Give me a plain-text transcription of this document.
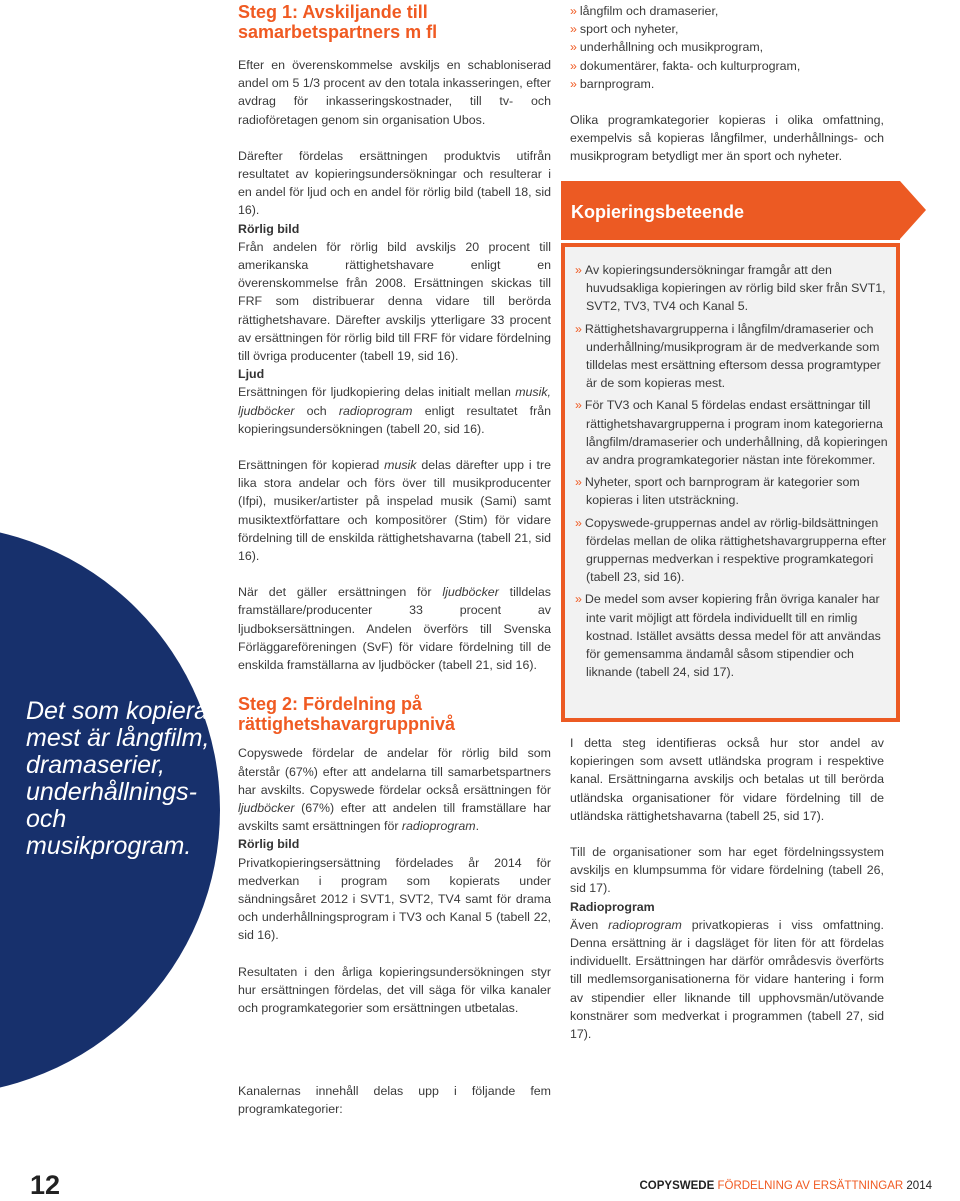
Det som kopieras mest är långfilm, dramaserier, underhållnings- och musikprogram.
Steg 1: Avskiljande till samarbetspartners m fl

Efter en överenskommelse avskiljs en schabloniserad andel om 5 1/3 procent av den totala inkasseringen, efter avdrag för inkasseringskostnader, till tv- och radioföretagen genom sin organisation Ubos.

Därefter fördelas ersättningen produktvis utifrån resultatet av kopieringsundersökningar och resulterar i en andel för ljud och en andel för rörlig bild (tabell 18, sid 16).

Rörlig bild

Från andelen för rörlig bild avskiljs 20 procent till amerikanska rättighetshavare enligt en överenskommelse från 2008. Ersättningen skickas till FRF som distribuerar denna vidare till berörda rättighetshavare. Därefter avskiljs ytterligare 33 procent av ersättningen för rörlig bild till FRF för vidare fördelning till övriga producenter (tabell 19, sid 16).

Ljud

Ersättningen för ljudkopiering delas initialt mellan musik, ljudböcker och radioprogram enligt resultatet från kopieringsundersökningen (tabell 20, sid 16).

Ersättningen för kopierad musik delas därefter upp i tre lika stora andelar och förs över till musikproducenter (Ifpi), musiker/artister på inspelad musik (Sami) samt musiktextförfattare och kompositörer (Stim) för vidare fördelning till de enskilda rättighetshavarna (tabell 21, sid 16).

När det gäller ersättningen för ljudböcker tilldelas framställare/producenter 33 procent av ljudboksersättningen. Andelen överförs till Svenska Förläggareföreningen (SvF) för vidare fördelning till de enskilda framställarna av ljudböcker (tabell 21, sid 16).

Steg 2: Fördelning på rättighetshavargruppnivå

Copyswede fördelar de andelar för rörlig bild som återstår (67%) efter att andelarna till samarbetspartners har avskilts. Copyswede fördelar också ersättningen för ljudböcker (67%) efter att andelen till framställare har avskilts samt ersättningen för radioprogram.

Rörlig bild

Privatkopieringsersättning fördelades år 2014 för medverkan i program som kopierats under sändningsåret 2012 i SVT1, SVT2, TV4 samt för drama och underhållningsprogram i TV3 och Kanal 5 (tabell 22, sid 16).

Resultaten i den årliga kopieringsundersökningen styr hur ersättningen fördelas, det vill säga för vilka kanaler och programkategorier som ersättningen utbetalas.

Kanalernas innehåll delas upp i följande fem programkategorier:

» långfilm och dramaserier,
» sport och nyheter,
» underhållning och musikprogram,
» dokumentärer, fakta- och kulturprogram,
» barnprogram.

Olika programkategorier kopieras i olika omfattning, exempelvis så kopieras långfilmer, underhållnings- och musikprogram betydligt mer än sport och nyheter.

Kopieringsbeteende
» Av kopieringsundersökningar framgår att den huvudsakliga kopieringen av rörlig bild sker från SVT1, SVT2, TV3, TV4 och Kanal 5.
» Rättighetshavargrupperna i långfilm/dramaserier och underhållning/musikprogram är de medverkande som tilldelas mest ersättning eftersom dessa programtyper är de som kopieras mest.
» För TV3 och Kanal 5 fördelas endast ersättningar till rättighetshavargrupperna i program inom kategorierna långfilm/dramaserier och underhållning, då kopieringen av andra programkategorier nästan inte förekommer.
» Nyheter, sport och barnprogram är kategorier som kopieras i liten utsträckning.
» Copyswede-gruppernas andel av rörlig-bildsättningen fördelas mellan de olika rättighetshavargrupperna efter gruppernas medverkan i respektive programkategori (tabell 23, sid 16).
» De medel som avser kopiering från övriga kanaler har inte varit möjligt att fördela individuellt till en rimlig kostnad. Istället avsätts dessa medel för att användas för gemensamma ändamål såsom stipendier och liknande (tabell 24, sid 17).

I detta steg identifieras också hur stor andel av kopieringen som avsett utländska program i respektive kanal. Ersättningarna avskiljs och betalas ut till berörda utländska organisationer för vidare fördelning till de utländska rättighetshavarna (tabell 25, sid 17).

Till de organisationer som har eget fördelningssystem avskiljs en klumpsumma för vidare fördelning (tabell 26, sid 17).

Radioprogram

Även radioprogram privatkopieras i viss omfattning. Denna ersättning är i dagsläget för liten för att fördelas individuellt. Ersättningen har därför områdesvis överförts till medlemsorganisationerna för vidare hantering i form av stipendier eller liknande till upphovsmän/utövande konstnärer som medverkat i programmen (tabell 27, sid 17).

12	COPYSWEDE FÖRDELNING AV ERSÄTTNINGAR 2014
